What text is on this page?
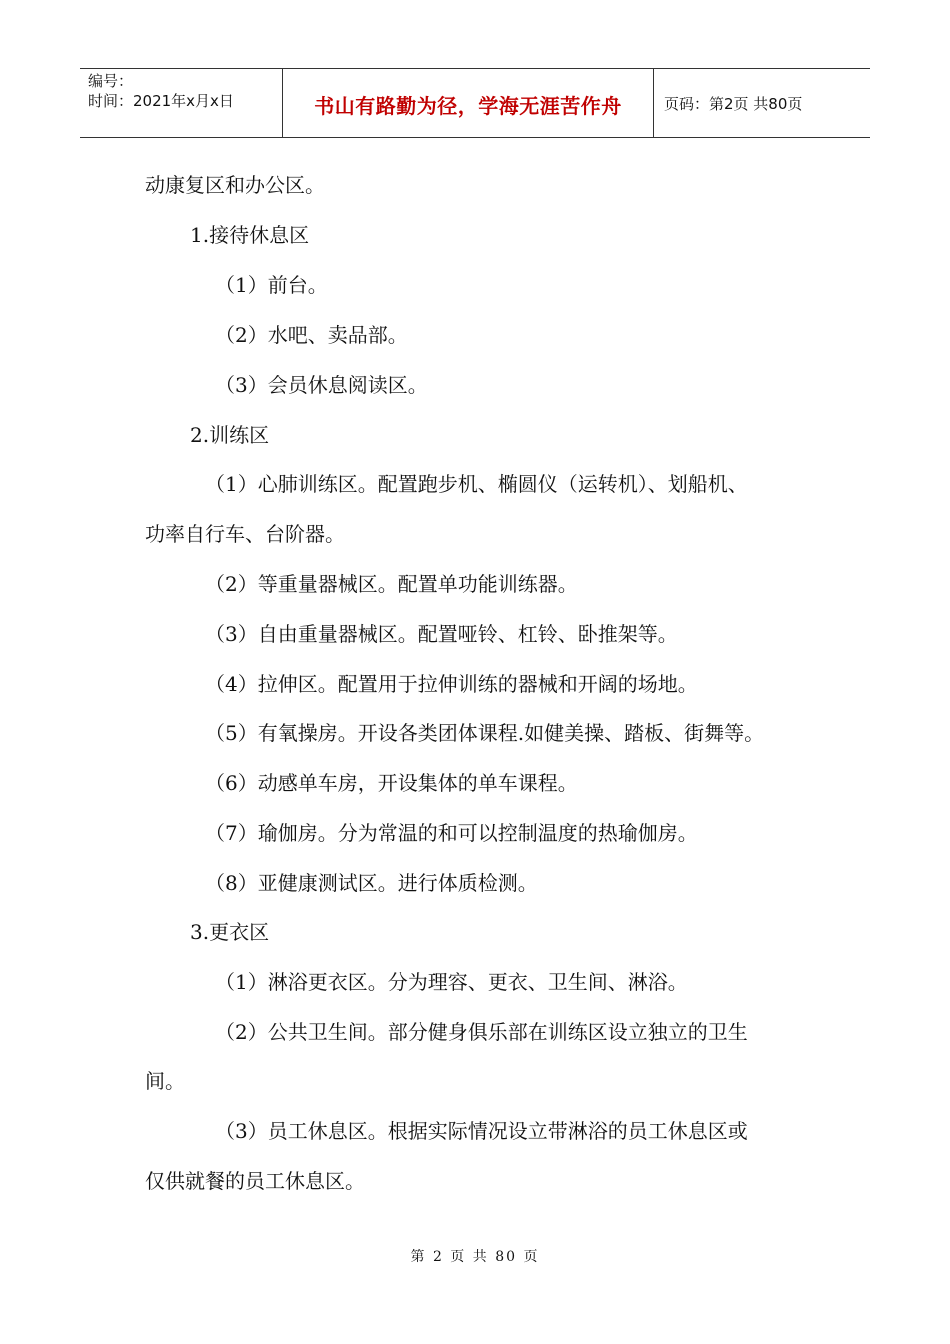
编号：
时间：2021年x月x日	书山有路勤为径，学海无涯苦作舟	页码：第2页 共80页
动康复区和办公区。
1.接待休息区
（1）前台。
（2）水吧、卖品部。
（3）会员休息阅读区。
2.训练区
（1）心肺训练区。配置跑步机、椭圆仪（运转机）、划船机、
功率自行车、台阶器。
（2）等重量器械区。配置单功能训练器。
（3）自由重量器械区。配置哑铃、杠铃、卧推架等。
（4）拉伸区。配置用于拉伸训练的器械和开阔的场地。
（5）有氧操房。开设各类团体课程.如健美操、踏板、街舞等。
（6）动感单车房，开设集体的单车课程。
（7）瑜伽房。分为常温的和可以控制温度的热瑜伽房。
（8）亚健康测试区。进行体质检测。
3.更衣区
（1）淋浴更衣区。分为理容、更衣、卫生间、淋浴。
（2）公共卫生间。部分健身俱乐部在训练区设立独立的卫生
间。
（3）员工休息区。根据实际情况设立带淋浴的员工休息区或
仅供就餐的员工休息区。
第 2 页 共 80 页
